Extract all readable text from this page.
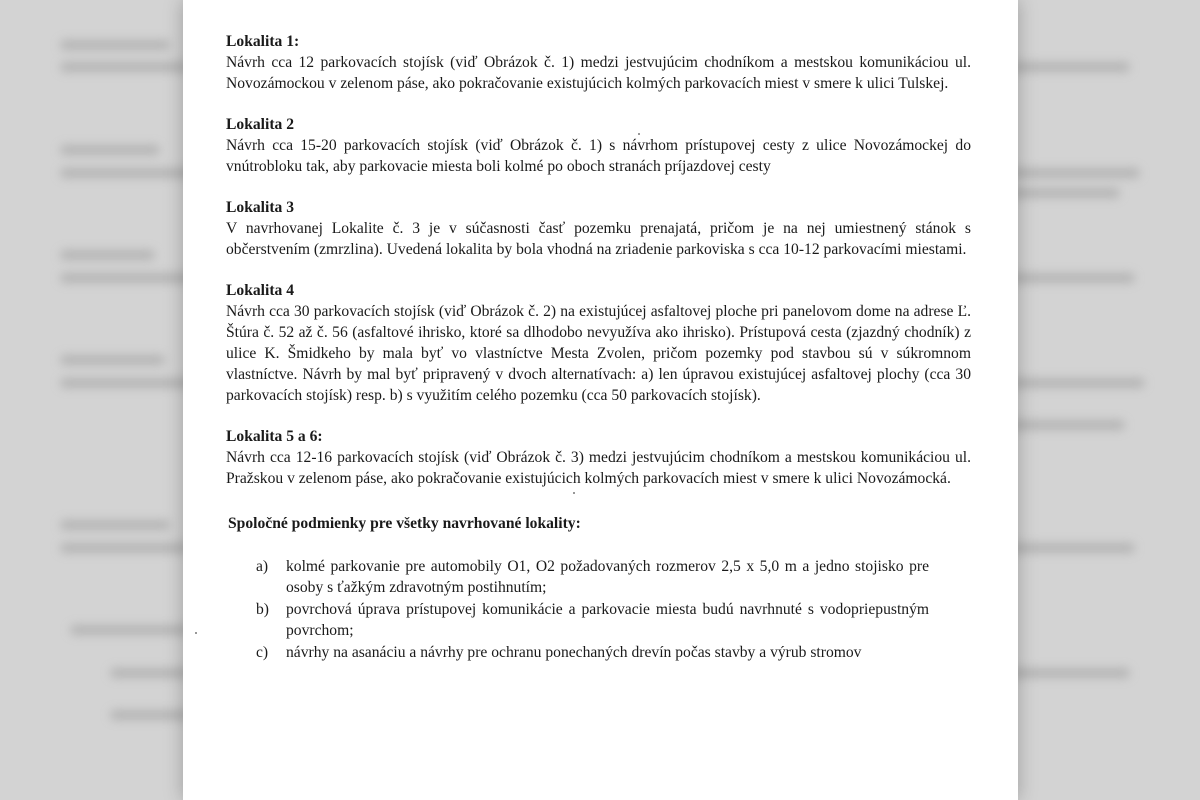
Lokalita 1:

Návrh cca 12 parkovacích stojísk (viď Obrázok č. 1) medzi jestvujúcim chodníkom a mestskou komunikáciou ul. Novozámockou v zelenom páse, ako pokračovanie existujúcich kolmých parkovacích miest v smere k ulici Tulskej.

Lokalita 2

Návrh cca 15-20 parkovacích stojísk (viď Obrázok č. 1) s návrhom prístupovej cesty z ulice Novozámockej do vnútrobloku tak, aby parkovacie miesta boli kolmé po oboch stranách príjazdovej cesty

Lokalita 3

V navrhovanej Lokalite č. 3 je v súčasnosti časť pozemku prenajatá, pričom je na nej umiestnený stánok s občerstvením (zmrzlina). Uvedená lokalita by bola vhodná na zriadenie parkoviska s cca 10-12 parkovacími miestami.

Lokalita 4

Návrh cca 30 parkovacích stojísk (viď Obrázok č. 2) na existujúcej asfaltovej ploche pri panelovom dome na adrese Ľ. Štúra č. 52 až č. 56 (asfaltové ihrisko, ktoré sa dlhodobo nevyužíva ako ihrisko). Prístupová cesta (zjazdný chodník) z ulice K. Šmidkeho by mala byť vo vlastníctve Mesta Zvolen, pričom pozemky pod stavbou sú v súkromnom vlastníctve. Návrh by mal byť pripravený v dvoch alternatívach: a) len úpravou existujúcej asfaltovej plochy (cca 30 parkovacích stojísk) resp. b) s využitím celého pozemku (cca 50 parkovacích stojísk).

Lokalita 5 a 6:

Návrh cca 12-16 parkovacích stojísk (viď Obrázok č. 3) medzi jestvujúcim chodníkom a mestskou komunikáciou ul. Pražskou v zelenom páse, ako pokračovanie existujúcich kolmých parkovacích miest v smere k ulici Novozámocká.

Spoločné podmienky pre všetky navrhované lokality:

a)	kolmé parkovanie pre automobily O1, O2 požadovaných rozmerov 2,5 x 5,0 m a jedno stojisko pre osoby s ťažkým zdravotným postihnutím;
b)	povrchová úprava prístupovej komunikácie a parkovacie miesta budú navrhnuté s vodopriepustným povrchom;
c)	návrhy na asanáciu a návrhy pre ochranu ponechaných drevín počas stavby a výrub stromov
